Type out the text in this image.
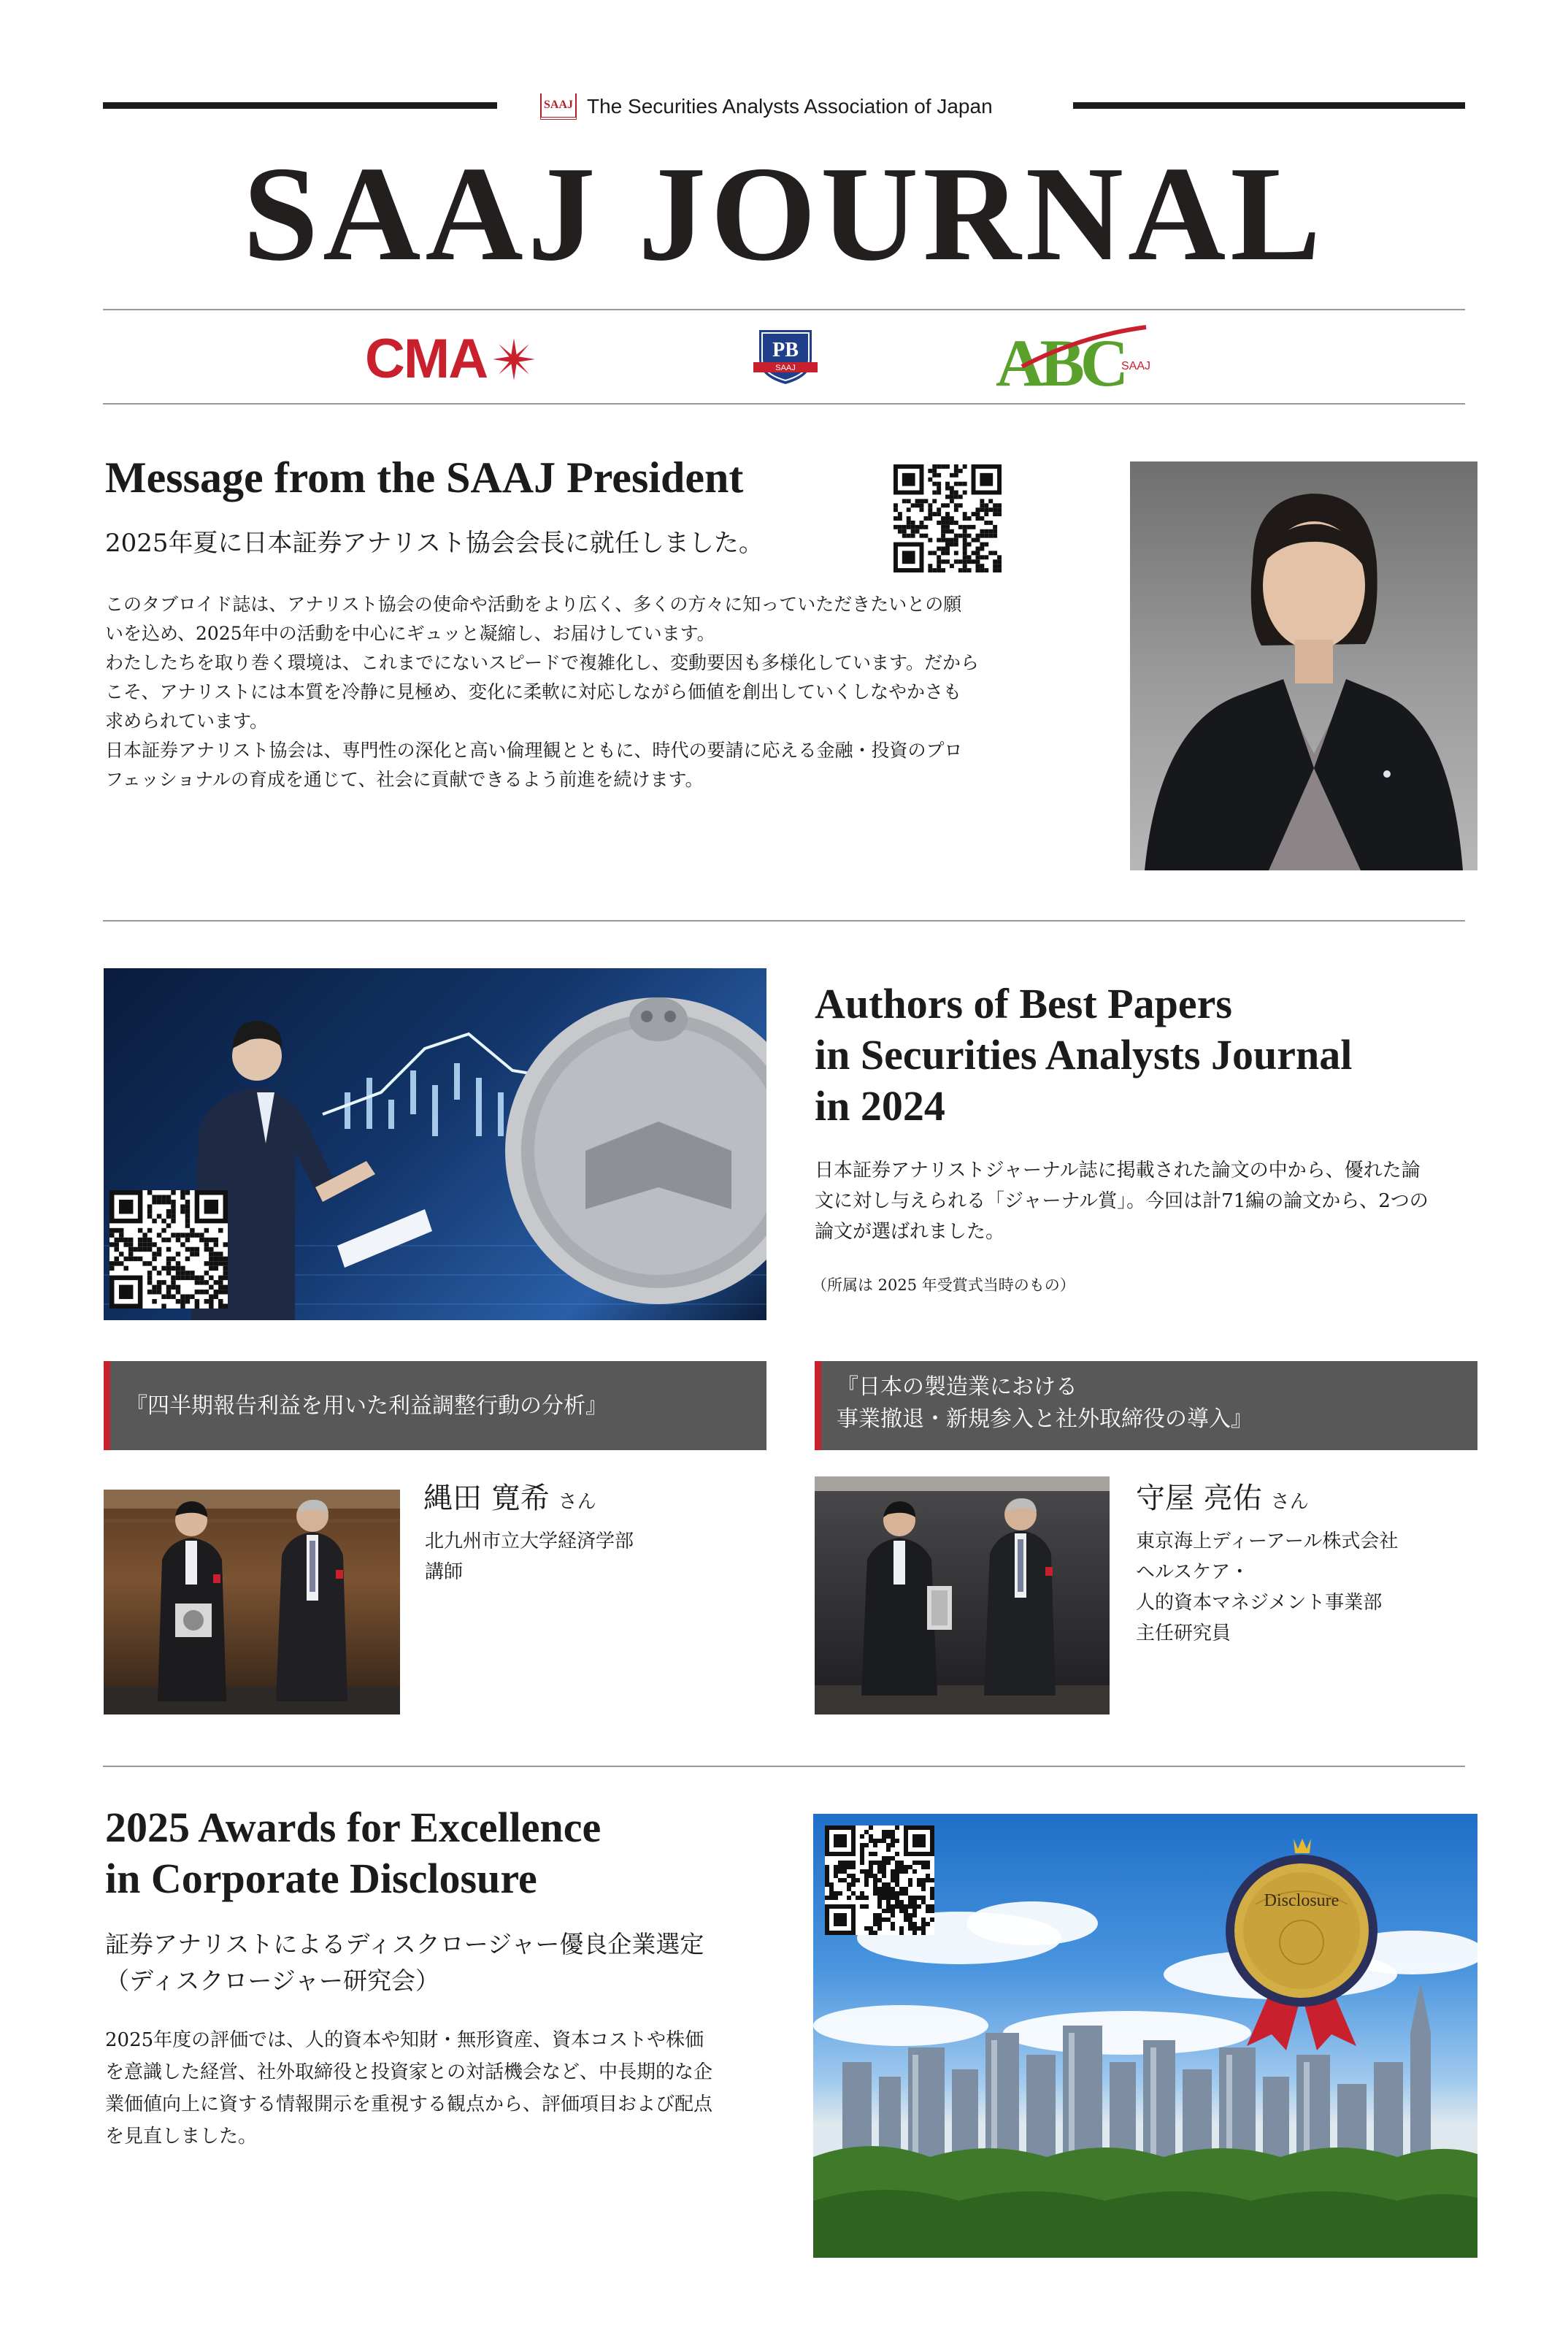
SAAJ The Securities Analysts Association of Japan
SAAJ JOURNAL
CMA	PB
SAAJ	ABC
SAAJ
Message from the SAAJ President
2025年夏に日本証券アナリスト協会会長に就任しました。
このタブロイド誌は、アナリスト協会の使命や活動をより広く、多くの方々に知っていただきたいとの願
いを込め、2025年中の活動を中心にギュッと凝縮し、お届けしています。
わたしたちを取り巻く環境は、これまでにないスピードで複雑化し、変動要因も多様化しています。だから
こそ、アナリストには本質を冷静に見極め、変化に柔軟に対応しながら価値を創出していくしなやかさも
求められています。
日本証券アナリスト協会は、専門性の深化と高い倫理観とともに、時代の要請に応える金融・投資のプロ
フェッショナルの育成を通じて、社会に貢献できるよう前進を続けます。
Authors of Best Papers
in Securities Analysts Journal
in 2024
日本証券アナリストジャーナル誌に掲載された論文の中から、優れた論
文に対し与えられる「ジャーナル賞」。今回は計71編の論文から、2つの
論文が選ばれました。
（所属は 2025 年受賞式当時のもの）
『四半期報告利益を用いた利益調整行動の分析』
縄田 寛希 さん
北九州市立大学経済学部
講師
『日本の製造業における
事業撤退・新規参入と社外取締役の導入』
守屋 亮佑 さん
東京海上ディーアール株式会社
ヘルスケア・
人的資本マネジメント事業部
主任研究員
2025 Awards for Excellence
in Corporate Disclosure
証券アナリストによるディスクロージャー優良企業選定
（ディスクロージャー研究会）
2025年度の評価では、人的資本や知財・無形資産、資本コストや株価
を意識した経営、社外取締役と投資家との対話機会など、中長期的な企
業価値向上に資する情報開示を重視する観点から、評価項目および配点
を見直しました。
Disclosure
